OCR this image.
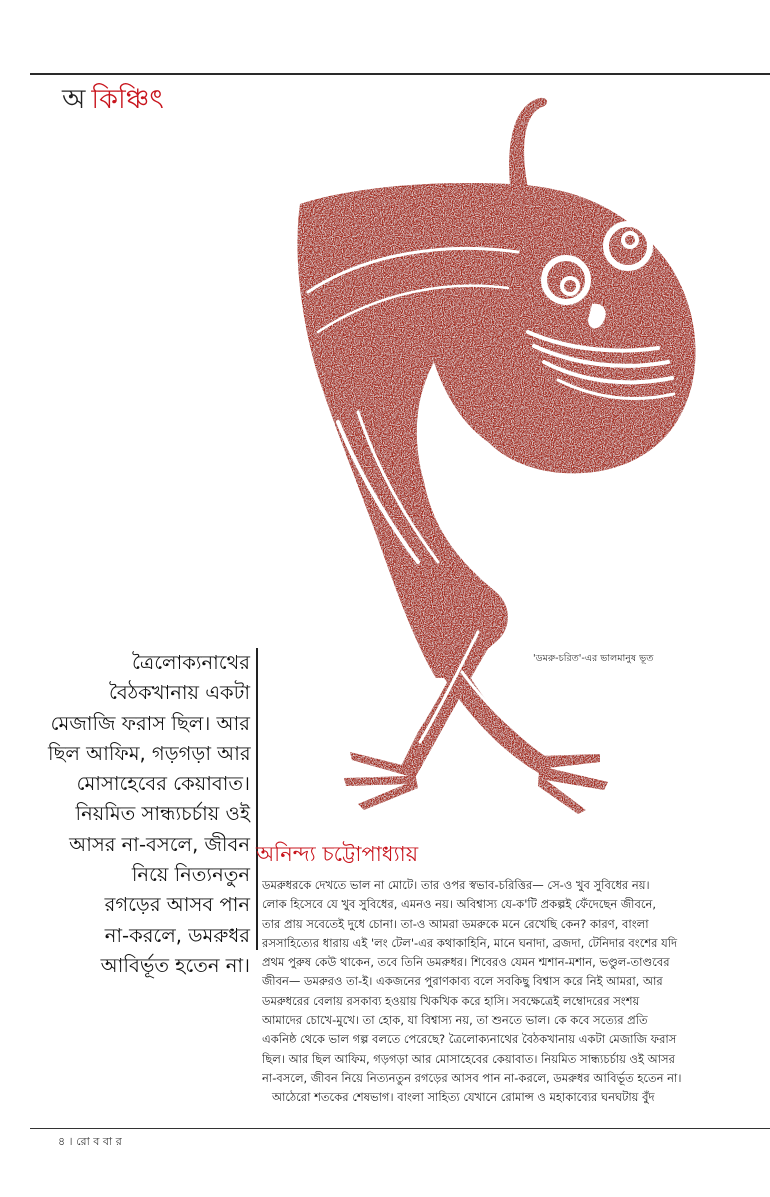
অ কিঞ্চিৎ
'ডমরু-চরিত'-এর ভালমানুষ ভূত
ত্রৈলোক্যনাথের
বৈঠকখানায় একটা
মেজাজি ফরাস ছিল। আর
ছিল আফিম, গড়গড়া আর
মোসাহেবের কেয়াবাত।
নিয়মিত সান্ধ্যচর্চায় ওই
আসর না-বসলে, জীবন
নিয়ে নিত্যনতুন
রগড়ের আসব পান
না-করলে, ডমরুধর
আবির্ভূত হতেন না।
অনিন্দ্য চট্টোপাধ্যায়
ডমরুধরকে দেখতে ভাল না মোটে। তার ওপর স্বভাব-চরিত্তির— সে-ও খুব সুবিধের নয়।
লোক হিসেবে যে খুব সুবিধের, এমনও নয়। অবিশ্বাস্য যে-ক'টি প্রকল্পই ফেঁদেছেন জীবনে,
তার প্রায় সবেতেই দুধে চোনা। তা-ও আমরা ডমরুকে মনে রেখেছি কেন? কারণ, বাংলা
রসসাহিত্যের ধারায় এই 'লং টেল'-এর কথাকাহিনি, মানে ঘনাদা, ব্রজদা, টেনিদার বংশের যদি
প্রথম পুরুষ কেউ থাকেন, তবে তিনি ডমরুধর। শিবেরও যেমন শ্মশান-মশান, ভণ্ডুল-তাণ্ডবের
জীবন— ডমরুরও তা-ই। একজনের পুরাণকাব্য বলে সবকিছু বিশ্বাস করে নিই আমরা, আর
ডমরুধরের বেলায় রসকাব্য হওয়ায় খিকখিক করে হাসি। সবক্ষেত্রেই লম্বোদরের সংশয়
আমাদের চোখে-মুখে। তা হোক, যা বিশ্বাস্য নয়, তা শুনতে ভাল। কে কবে সত্যের প্রতি
একনিষ্ঠ থেকে ভাল গল্প বলতে পেরেছে? ত্রৈলোক্যনাথের বৈঠকখানায় একটা মেজাজি ফরাস
ছিল। আর ছিল আফিম, গড়গড়া আর মোসাহেবের কেয়াবাত। নিয়মিত সান্ধ্যচর্চায় ওই আসর
না-বসলে, জীবন নিয়ে নিত্যনতুন রগড়ের আসব পান না-করলে, ডমরুধর আবির্ভূত হতেন না।
আঠেরো শতকের শেষভাগ। বাংলা সাহিত্য যেখানে রোমান্স ও মহাকাব্যের ঘনঘটায় বুঁদ
৪ । রো ব বা র
